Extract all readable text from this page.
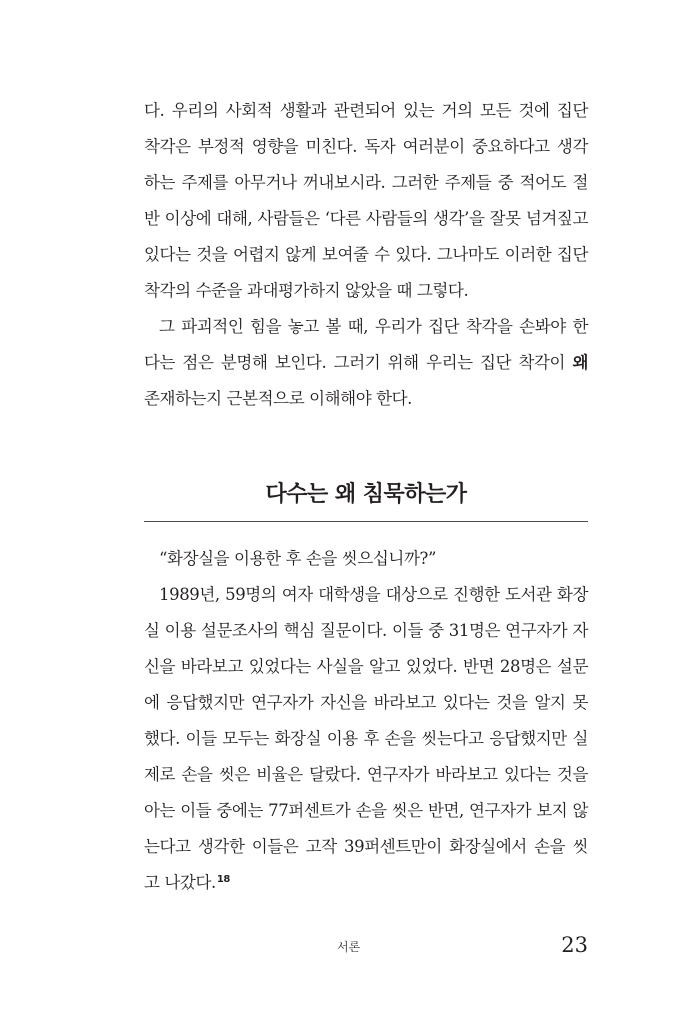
다. 우리의 사회적 생활과 관련되어 있는 거의 모든 것에 집단
착각은 부정적 영향을 미친다. 독자 여러분이 중요하다고 생각
하는 주제를 아무거나 꺼내보시라. 그러한 주제들 중 적어도 절
반 이상에 대해, 사람들은 ‘다른 사람들의 생각’을 잘못 넘겨짚고
있다는 것을 어렵지 않게 보여줄 수 있다. 그나마도 이러한 집단
착각의 수준을 과대평가하지 않았을 때 그렇다.
그 파괴적인 힘을 놓고 볼 때, 우리가 집단 착각을 손봐야 한
다는 점은 분명해 보인다. 그러기 위해 우리는 집단 착각이 왜
존재하는지 근본적으로 이해해야 한다.
다수는 왜 침묵하는가
“화장실을 이용한 후 손을 씻으십니까?”
1989년, 59명의 여자 대학생을 대상으로 진행한 도서관 화장
실 이용 설문조사의 핵심 질문이다. 이들 중 31명은 연구자가 자
신을 바라보고 있었다는 사실을 알고 있었다. 반면 28명은 설문
에 응답했지만 연구자가 자신을 바라보고 있다는 것을 알지 못
했다. 이들 모두는 화장실 이용 후 손을 씻는다고 응답했지만 실
제로 손을 씻은 비율은 달랐다. 연구자가 바라보고 있다는 것을
아는 이들 중에는 77퍼센트가 손을 씻은 반면, 연구자가 보지 않
는다고 생각한 이들은 고작 39퍼센트만이 화장실에서 손을 씻
고 나갔다.$^{18}$
서론	23
